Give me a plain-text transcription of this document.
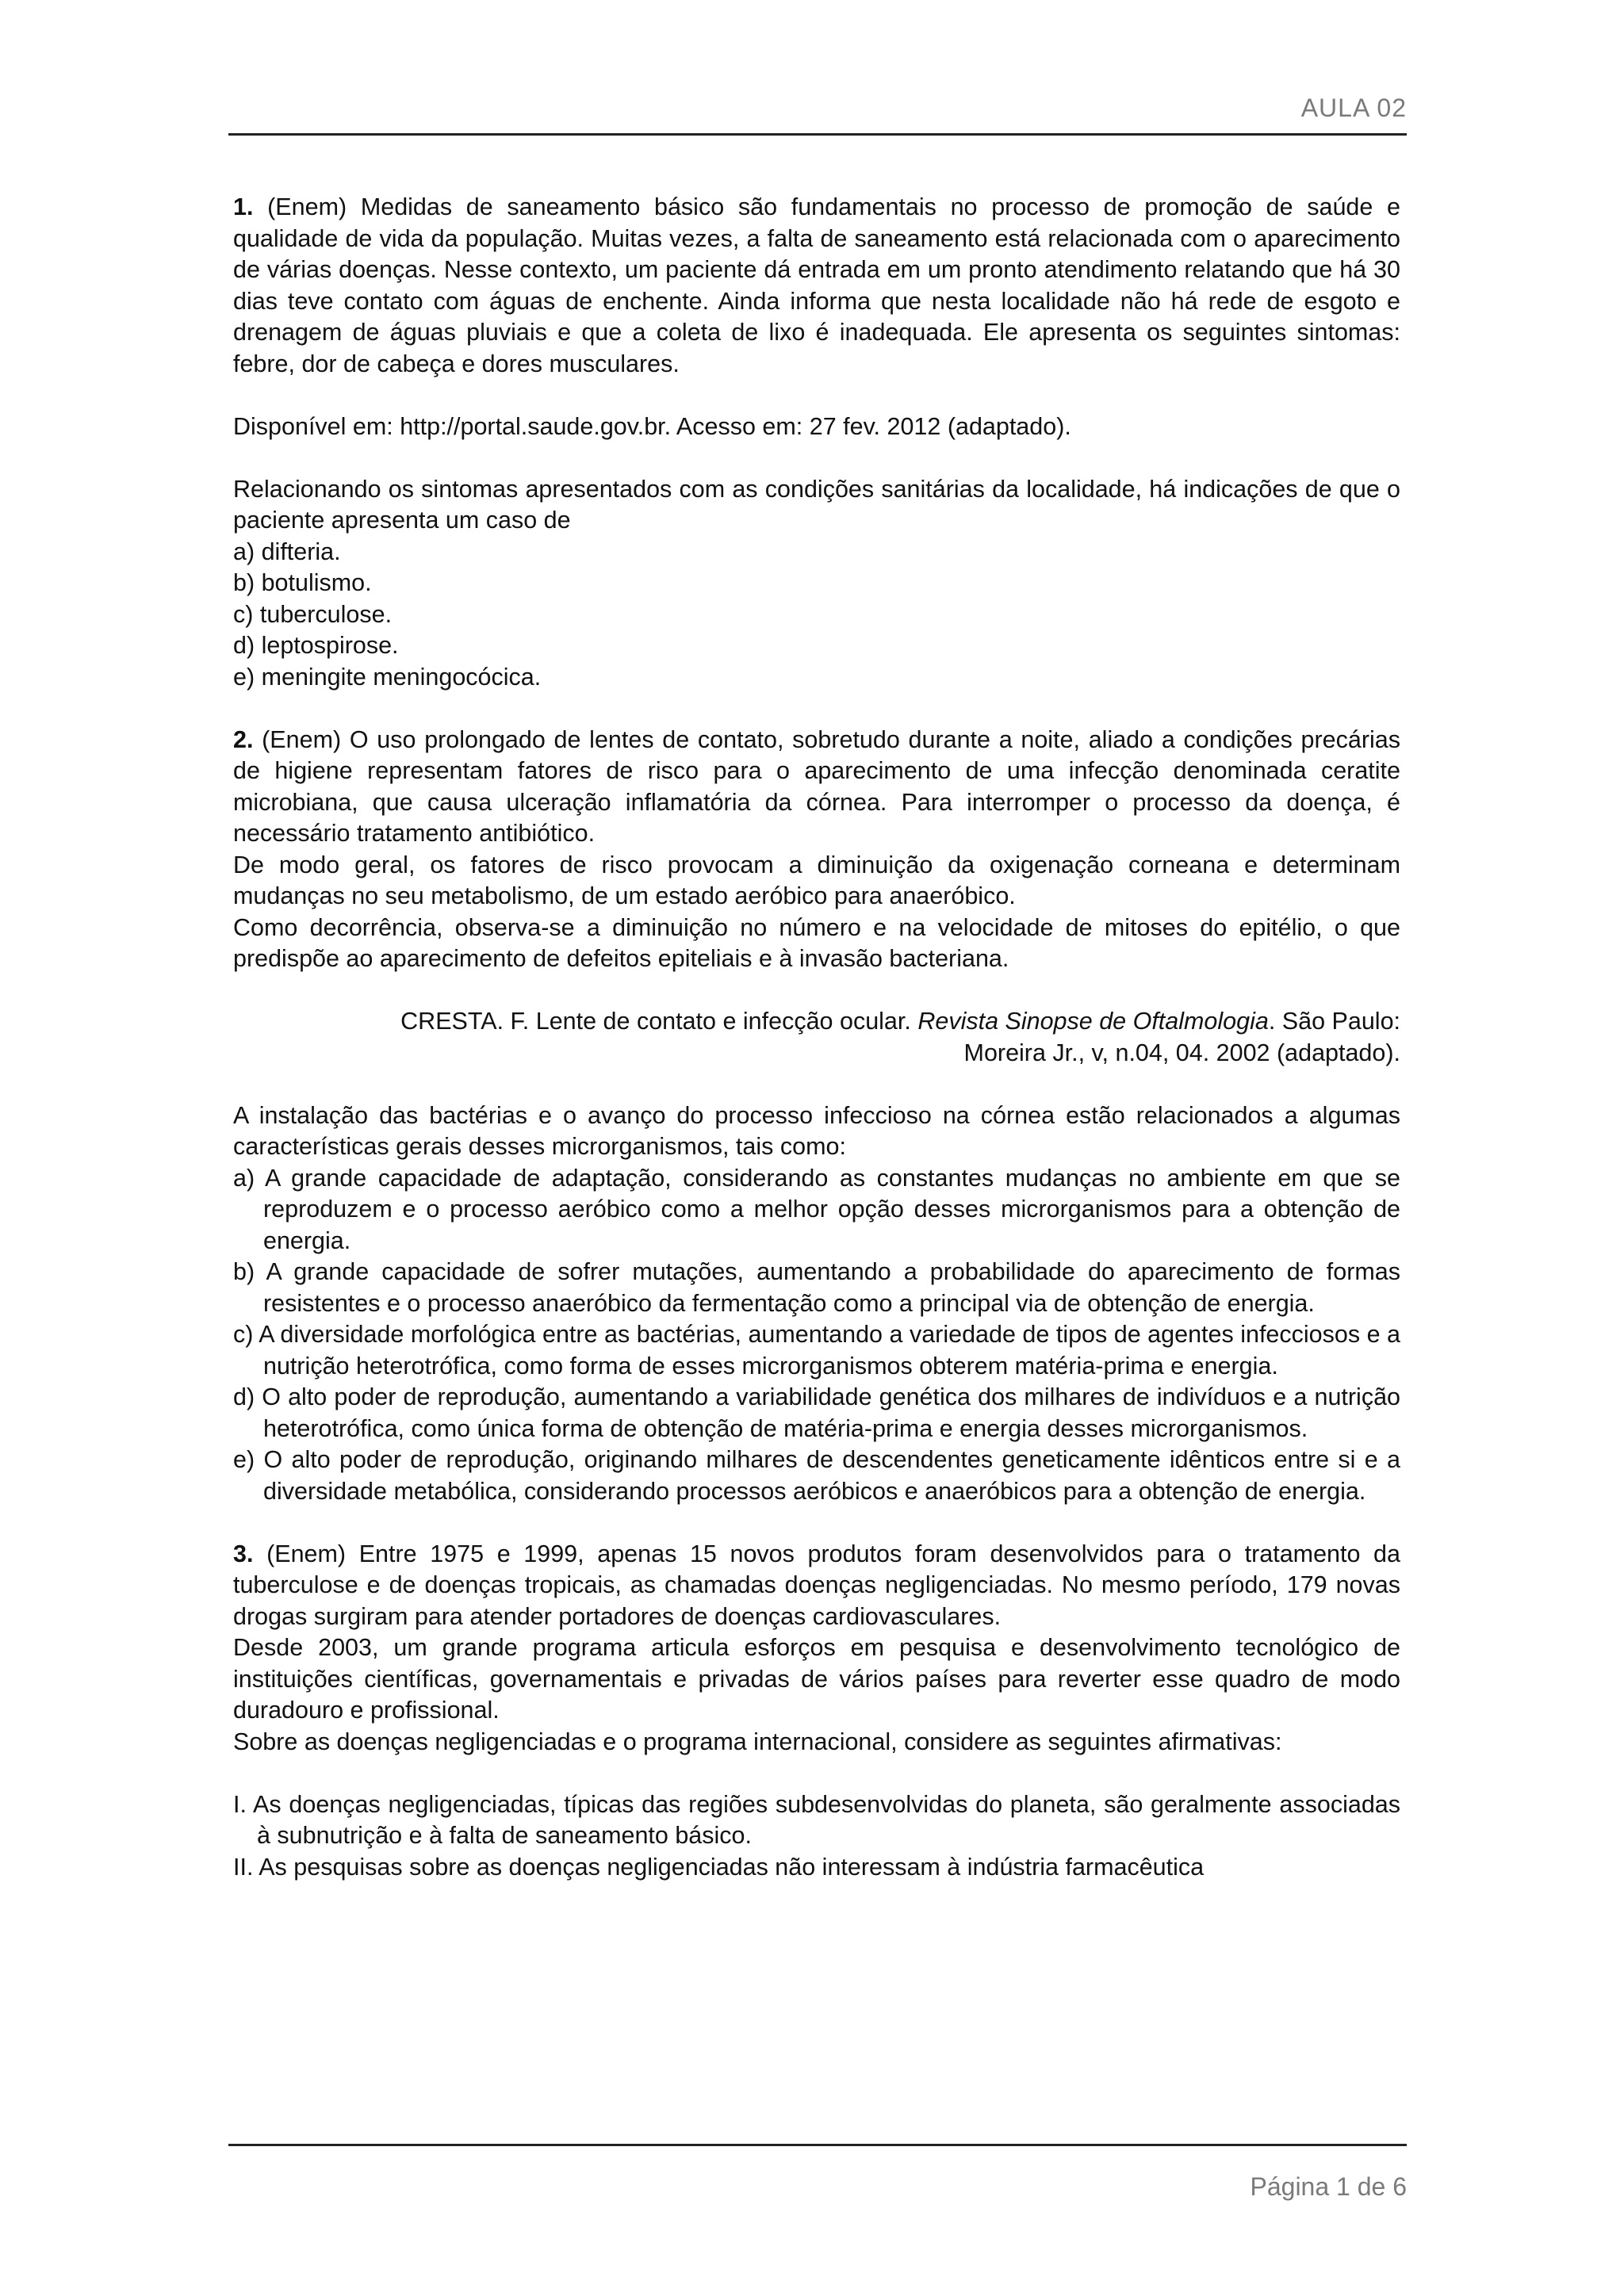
AULA 02

1. (Enem) Medidas de saneamento básico são fundamentais no processo de promoção de saúde e qualidade de vida da população. Muitas vezes, a falta de saneamento está relacionada com o aparecimento de várias doenças. Nesse contexto, um paciente dá entrada em um pronto atendimento relatando que há 30 dias teve contato com águas de enchente. Ainda informa que nesta localidade não há rede de esgoto e drenagem de águas pluviais e que a coleta de lixo é inadequada. Ele apresenta os seguintes sintomas: febre, dor de cabeça e dores musculares.

Disponível em: http://portal.saude.gov.br. Acesso em: 27 fev. 2012 (adaptado).

Relacionando os sintomas apresentados com as condições sanitárias da localidade, há indicações de que o paciente apresenta um caso de

a) difteria.

b) botulismo.

c) tuberculose.

d) leptospirose.

e) meningite meningocócica.

2. (Enem) O uso prolongado de lentes de contato, sobretudo durante a noite, aliado a condições precárias de higiene representam fatores de risco para o aparecimento de uma infecção denominada ceratite microbiana, que causa ulceração inflamatória da córnea. Para interromper o processo da doença, é necessário tratamento antibiótico.

De modo geral, os fatores de risco provocam a diminuição da oxigenação corneana e determinam mudanças no seu metabolismo, de um estado aeróbico para anaeróbico.

Como decorrência, observa-se a diminuição no número e na velocidade de mitoses do epitélio, o que predispõe ao aparecimento de defeitos epiteliais e à invasão bacteriana.

CRESTA. F. Lente de contato e infecção ocular. Revista Sinopse de Oftalmologia. São Paulo:

Moreira Jr., v, n.04, 04. 2002 (adaptado).

A instalação das bactérias e o avanço do processo infeccioso na córnea estão relacionados a algumas características gerais desses microrganismos, tais como:

a) A grande capacidade de adaptação, considerando as constantes mudanças no ambiente em que se reproduzem e o processo aeróbico como a melhor opção desses microrganismos para a obtenção de energia.

b) A grande capacidade de sofrer mutações, aumentando a probabilidade do aparecimento de formas resistentes e o processo anaeróbico da fermentação como a principal via de obtenção de energia.

c) A diversidade morfológica entre as bactérias, aumentando a variedade de tipos de agentes infecciosos e a nutrição heterotrófica, como forma de esses microrganismos obterem matéria-prima e energia.

d) O alto poder de reprodução, aumentando a variabilidade genética dos milhares de indivíduos e a nutrição heterotrófica, como única forma de obtenção de matéria-prima e energia desses microrganismos.

e) O alto poder de reprodução, originando milhares de descendentes geneticamente idênticos entre si e a diversidade metabólica, considerando processos aeróbicos e anaeróbicos para a obtenção de energia.

3. (Enem) Entre 1975 e 1999, apenas 15 novos produtos foram desenvolvidos para o tratamento da tuberculose e de doenças tropicais, as chamadas doenças negligenciadas. No mesmo período, 179 novas drogas surgiram para atender portadores de doenças cardiovasculares.

Desde 2003, um grande programa articula esforços em pesquisa e desenvolvimento tecnológico de instituições científicas, governamentais e privadas de vários países para reverter esse quadro de modo duradouro e profissional.

Sobre as doenças negligenciadas e o programa internacional, considere as seguintes afirmativas:

I. As doenças negligenciadas, típicas das regiões subdesenvolvidas do planeta, são geralmente associadas à subnutrição e à falta de saneamento básico.

II. As pesquisas sobre as doenças negligenciadas não interessam à indústria farmacêutica

Página 1 de 6
